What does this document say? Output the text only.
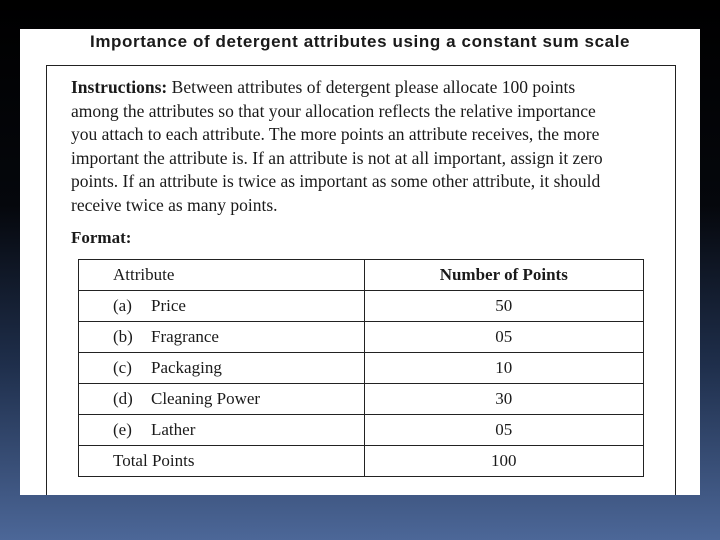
Importance of detergent attributes using a constant sum scale

Instructions: Between attributes of detergent please allocate 100 points
among the attributes so that your allocation reflects the relative importance
you attach to each attribute. The more points an attribute receives, the more
important the attribute is. If an attribute is not at all important, assign it zero
points. If an attribute is twice as important as some other attribute, it should
receive twice as many points.

Format:

Attribute	Number of Points
(a) Price	50
(b) Fragrance	05
(c) Packaging	10
(d) Cleaning Power	30
(e) Lather	05
Total Points	100
